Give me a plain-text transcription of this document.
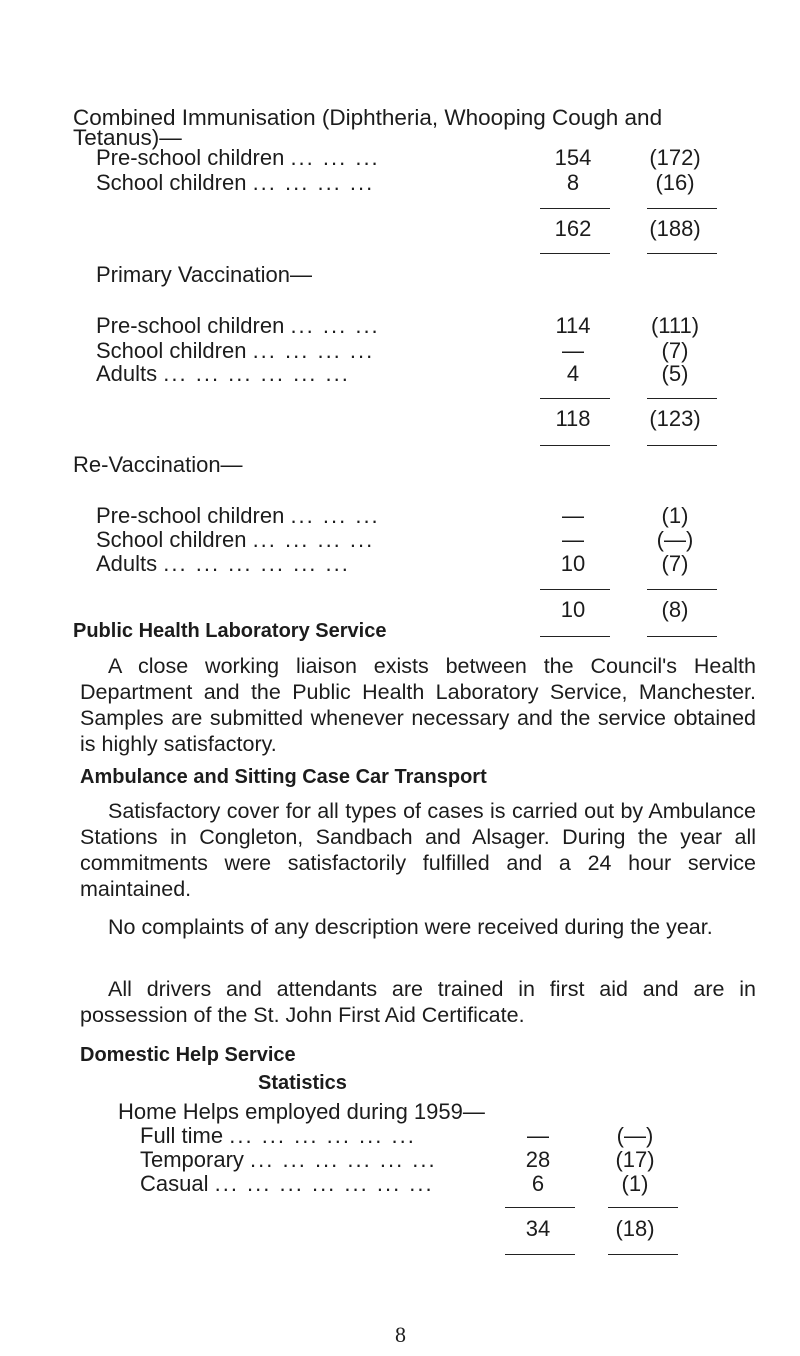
Combined Immunisation (Diphtheria, Whooping Cough and
Tetanus)—
Pre-school children ... ... ...	154	(172)
School children ... ... ... ...	8	(16)
162	(188)
Primary Vaccination—
Pre-school children ... ... ...	114	(111)
School children ... ... ... ...	—	(7)
Adults ... ... ... ... ... ...	4	(5)
118	(123)
Re-Vaccination—
Pre-school children ... ... ...	—	(1)
School children ... ... ... ...	—	(—)
Adults ... ... ... ... ... ...	10	(7)
10	(8)
Public Health Laboratory Service
A close working liaison exists between the Council's Health Department and the Public Health Laboratory Service, Manchester. Samples are submitted whenever necessary and the service obtained is highly satisfactory.
Ambulance and Sitting Case Car Transport
Satisfactory cover for all types of cases is carried out by Ambulance Stations in Congleton, Sandbach and Alsager. During the year all commitments were satisfactorily fulfilled and a 24 hour service maintained.
No complaints of any description were received during the year.
All drivers and attendants are trained in first aid and are in possession of the St. John First Aid Certificate.
Domestic Help Service
Statistics
Home Helps employed during 1959—
Full time ... ... ... ... ... ...	—	(—)
Temporary ... ... ... ... ... ...	28	(17)
Casual ... ... ... ... ... ... ...	6	(1)
34	(18)
8
